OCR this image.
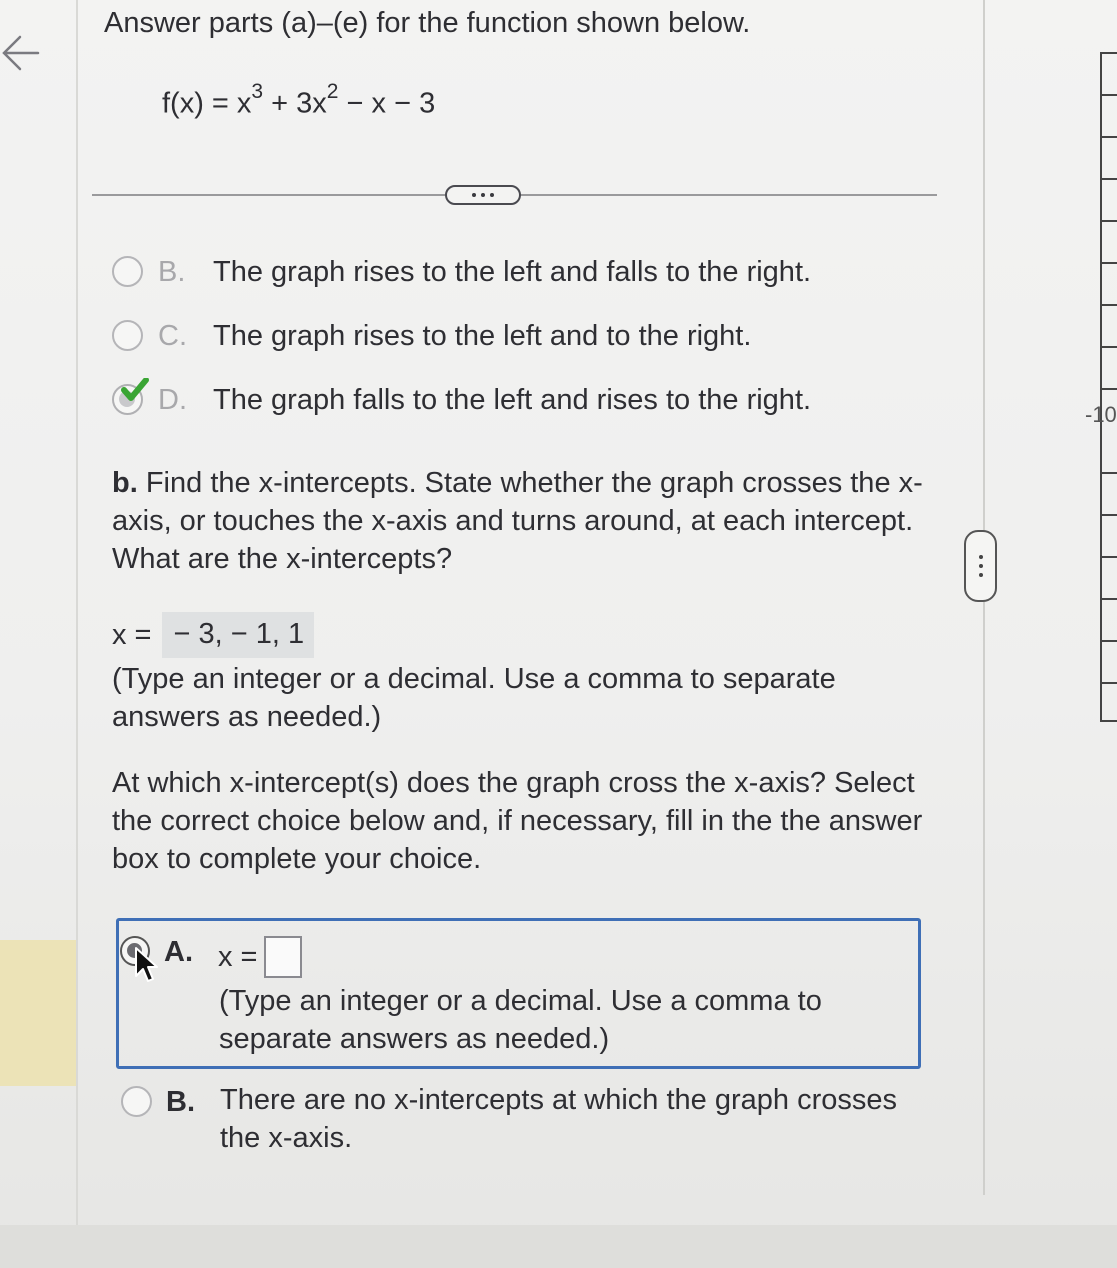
-10
Answer parts (a)–(e) for the function shown below.
$f(x) = x^3 + 3x^2 - x - 3$
B. The graph rises to the left and falls to the right.
C. The graph rises to the left and to the right.
D. The graph falls to the left and rises to the right.
b. Find the x-intercepts. State whether the graph crosses the x-axis, or touches the x-axis and turns around, at each intercept. What are the x-intercepts?
x = − 3, − 1, 1
(Type an integer or a decimal. Use a comma to separate answers as needed.)
At which x-intercept(s) does the graph cross the x-axis? Select the correct choice below and, if necessary, fill in the the answer box to complete your choice.
A. x =
(Type an integer or a decimal. Use a comma to separate answers as needed.)
B. There are no x-intercepts at which the graph crosses the x-axis.
